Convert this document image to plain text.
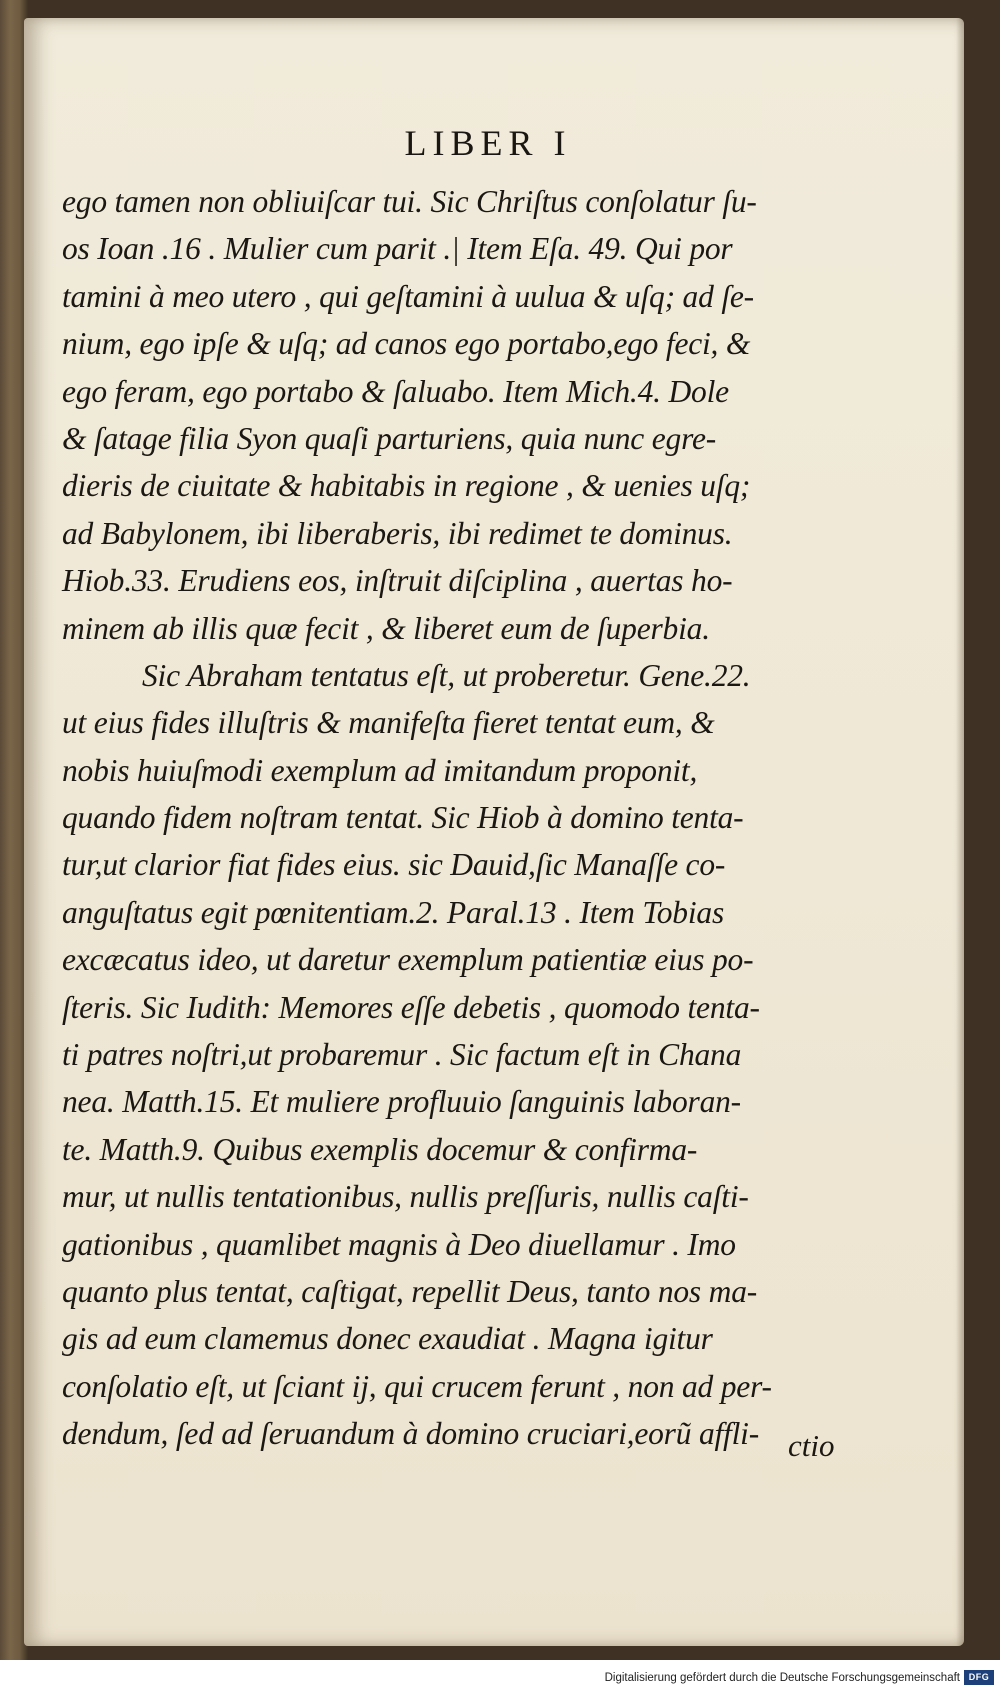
LIBER I
ego tamen non obliuiſcar tui. Sic Chriſtus conſolatur ſu-
os Ioan .16 . Mulier cum parit .| Item Eſa. 49. Qui por
tamini à meo utero , qui geſtamini à uulua & uſq; ad ſe-
nium, ego ipſe & uſq; ad canos ego portabo,ego feci, &
ego feram, ego portabo & ſaluabo. Item Mich.4. Dole
& ſatage filia Syon quaſi parturiens, quia nunc egre-
dieris de ciuitate & habitabis in regione , & uenies uſq;
ad Babylonem, ibi liberaberis, ibi redimet te dominus.
Hiob.33. Erudiens eos, inſtruit diſciplina , auertas ho-
minem ab illis quæ fecit , & liberet eum de ſuperbia.
Sic Abraham tentatus eſt, ut proberetur. Gene.22.
ut eius fides illuſtris & manifeſta fieret tentat eum, &
nobis huiuſmodi exemplum ad imitandum proponit,
quando fidem noſtram tentat. Sic Hiob à domino tenta-
tur,ut clarior fiat fides eius. sic Dauid,ſic Manaſſe co-
anguſtatus egit pœnitentiam.2. Paral.13 . Item Tobias
excæcatus ideo, ut daretur exemplum patientiæ eius po-
ſteris. Sic Iudith: Memores eſſe debetis , quomodo tenta-
ti patres noſtri,ut probaremur . Sic factum eſt in Chana
nea. Matth.15. Et muliere profluuio ſanguinis laboran-
te. Matth.9. Quibus exemplis docemur & confirma-
mur, ut nullis tentationibus, nullis preſſuris, nullis caſti-
gationibus , quamlibet magnis à Deo diuellamur . Imo
quanto plus tentat, caſtigat, repellit Deus, tanto nos ma-
gis ad eum clamemus donec exaudiat . Magna igitur
conſolatio eſt, ut ſciant ij, qui crucem ferunt , non ad per-
dendum, ſed ad ſeruandum à domino cruciari,eorũ affli- ctio
Digitalisierung gefördert durch die Deutsche Forschungsgemeinschaft DFG
